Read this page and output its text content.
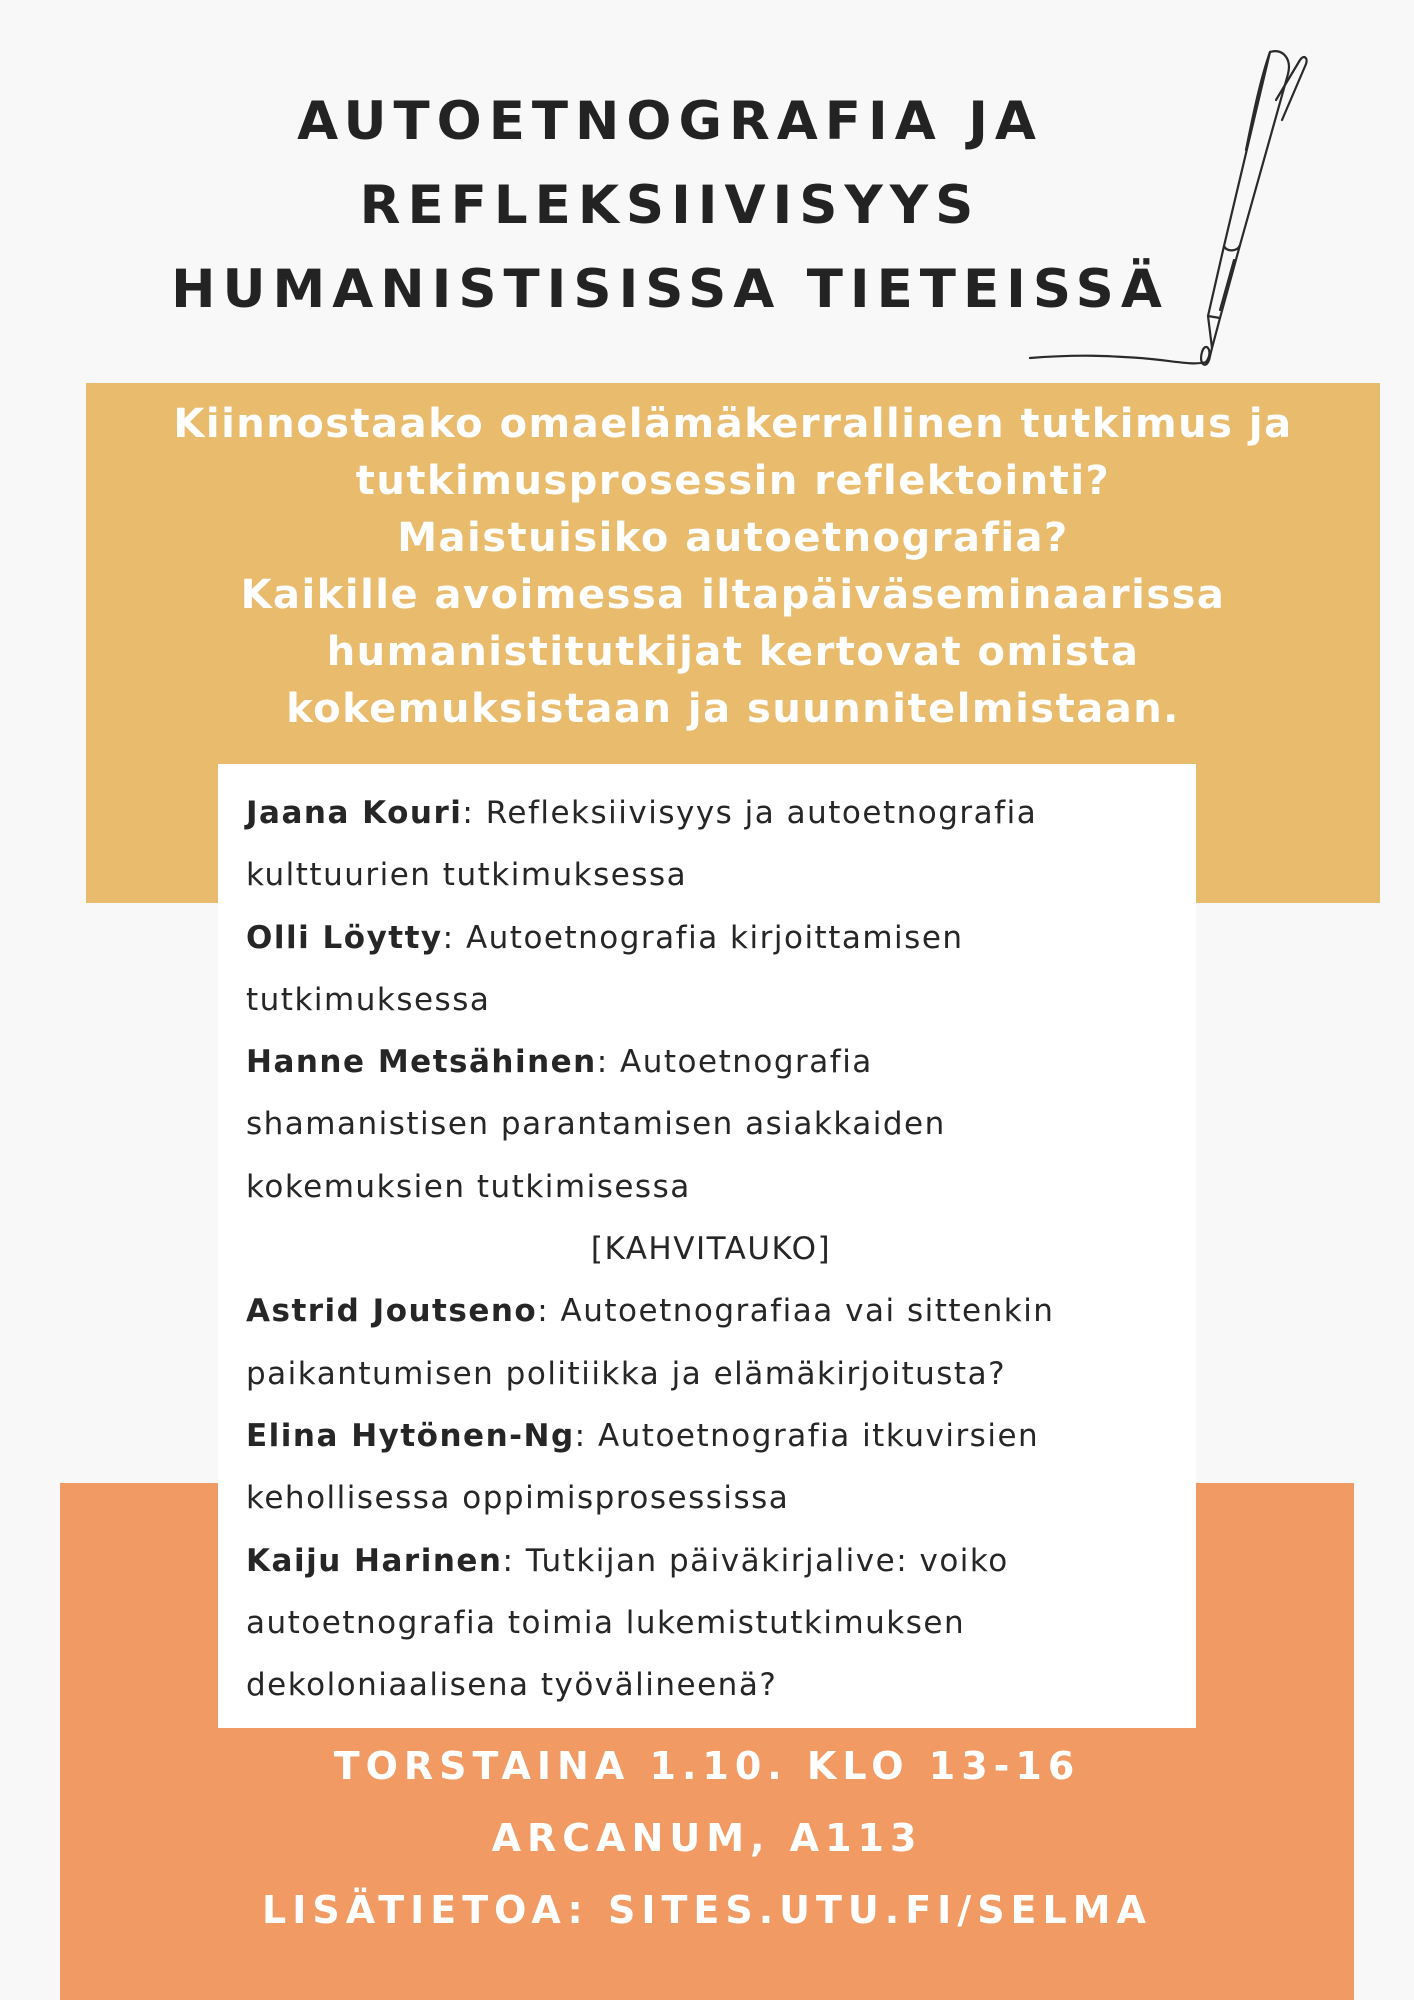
AUTOETNOGRAFIA JA
REFLEKSIIVISYYS
HUMANISTISISSA TIETEISSÄ
Kiinnostaako omaelämäkerrallinen tutkimus ja
tutkimusprosessin reflektointi?
Maistuisiko autoetnografia?
Kaikille avoimessa iltapäiväseminaarissa
humanistitutkijat kertovat omista
kokemuksistaan ja suunnitelmistaan.
Jaana Kouri: Refleksiivisyys ja autoetnografia
kulttuurien tutkimuksessa
Olli Löytty: Autoetnografia kirjoittamisen
tutkimuksessa
Hanne Metsähinen: Autoetnografia
shamanistisen parantamisen asiakkaiden
kokemuksien tutkimisessa
[KAHVITAUKO]
Astrid Joutseno: Autoetnografiaa vai sittenkin
paikantumisen politiikka ja elämäkirjoitusta?
Elina Hytönen-Ng: Autoetnografia itkuvirsien
kehollisessa oppimisprosessissa
Kaiju Harinen: Tutkijan päiväkirjalive: voiko
autoetnografia toimia lukemistutkimuksen
dekoloniaalisena työvälineenä?
TORSTAINA 1.10. KLO 13-16
ARCANUM, A113
LISÄTIETOA: SITES.UTU.FI/SELMA
